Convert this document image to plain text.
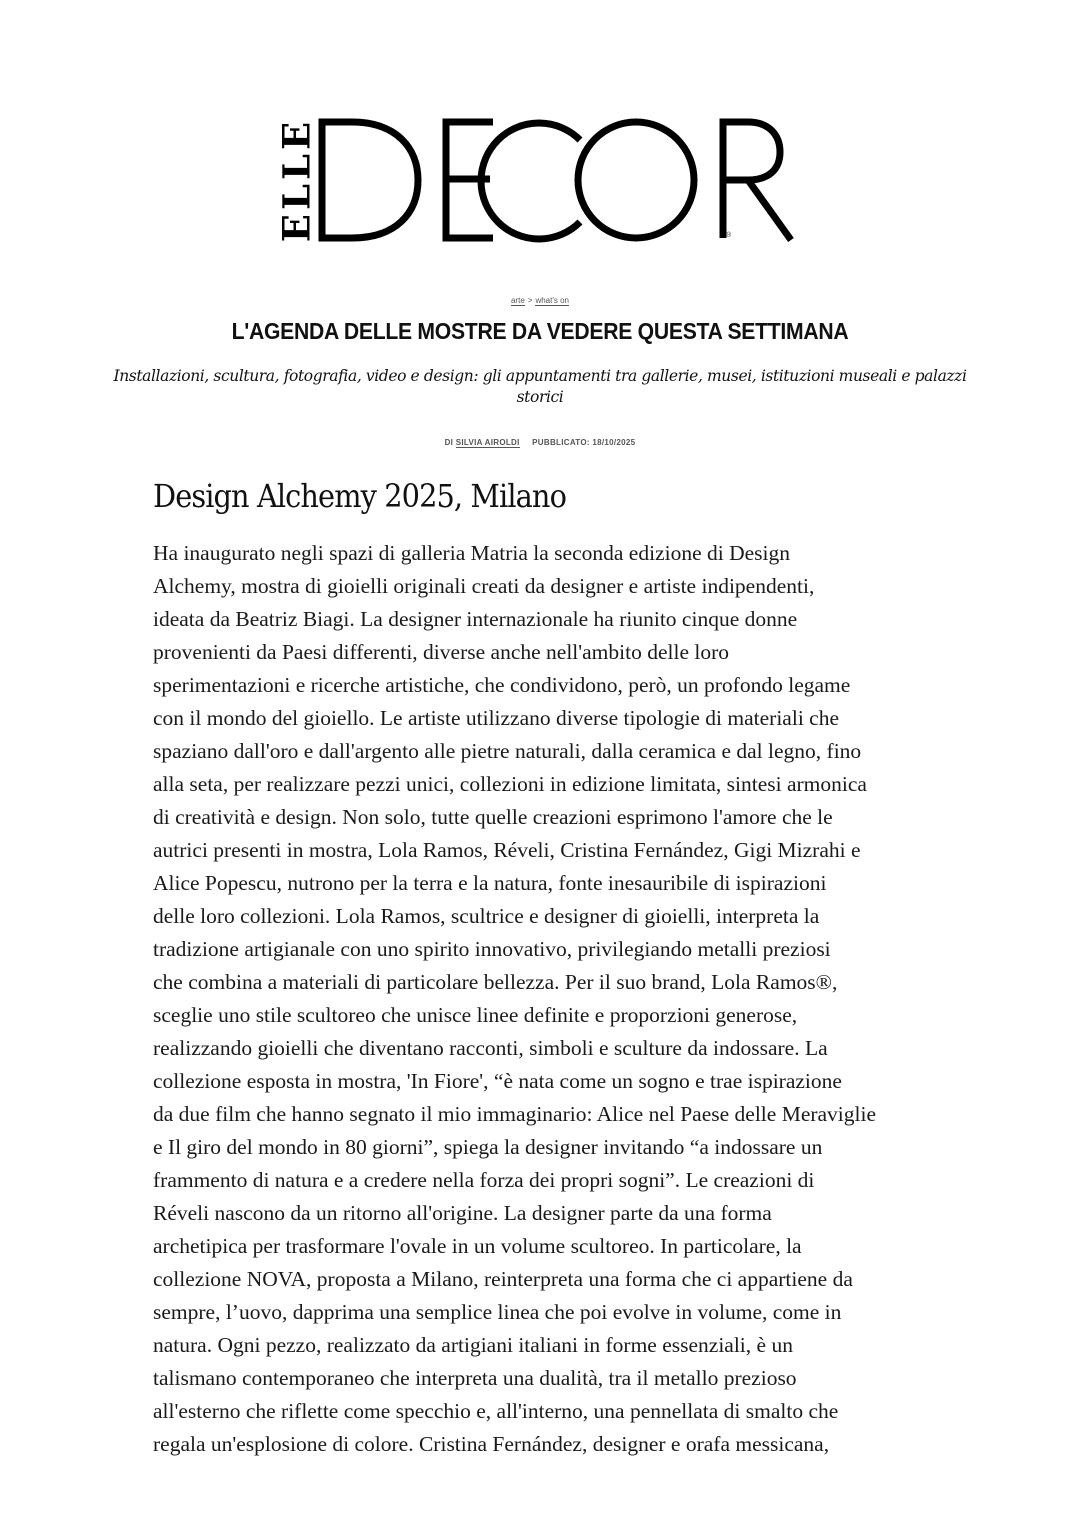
ELLE	®
arte > what's on
L'AGENDA DELLE MOSTRE DA VEDERE QUESTA SETTIMANA

Installazioni, scultura, fotografia, video e design: gli appuntamenti tra gallerie, musei, istituzioni museali e palazzi storici

DI SILVIA AIROLDI PUBBLICATO: 18/10/2025
Design Alchemy 2025, Milano

Ha inaugurato negli spazi di galleria Matria la seconda edizione di Design
Alchemy, mostra di gioielli originali creati da designer e artiste indipendenti,
ideata da Beatriz Biagi. La designer internazionale ha riunito cinque donne
provenienti da Paesi differenti, diverse anche nell'ambito delle loro
sperimentazioni e ricerche artistiche, che condividono, però, un profondo legame
con il mondo del gioiello. Le artiste utilizzano diverse tipologie di materiali che
spaziano dall'oro e dall'argento alle pietre naturali, dalla ceramica e dal legno, fino
alla seta, per realizzare pezzi unici, collezioni in edizione limitata, sintesi armonica
di creatività e design. Non solo, tutte quelle creazioni esprimono l'amore che le
autrici presenti in mostra, Lola Ramos, Réveli, Cristina Fernández, Gigi Mizrahi e
Alice Popescu, nutrono per la terra e la natura, fonte inesauribile di ispirazioni
delle loro collezioni. Lola Ramos, scultrice e designer di gioielli, interpreta la
tradizione artigianale con uno spirito innovativo, privilegiando metalli preziosi
che combina a materiali di particolare bellezza. Per il suo brand, Lola Ramos®,
sceglie uno stile scultoreo che unisce linee definite e proporzioni generose,
realizzando gioielli che diventano racconti, simboli e sculture da indossare. La
collezione esposta in mostra, 'In Fiore', “è nata come un sogno e trae ispirazione
da due film che hanno segnato il mio immaginario: Alice nel Paese delle Meraviglie
e Il giro del mondo in 80 giorni”, spiega la designer invitando “a indossare un
frammento di natura e a credere nella forza dei propri sogni”. Le creazioni di
Réveli nascono da un ritorno all'origine. La designer parte da una forma
archetipica per trasformare l'ovale in un volume scultoreo. In particolare, la
collezione NOVA, proposta a Milano, reinterpreta una forma che ci appartiene da
sempre, l’uovo, dapprima una semplice linea che poi evolve in volume, come in
natura. Ogni pezzo, realizzato da artigiani italiani in forme essenziali, è un
talismano contemporaneo che interpreta una dualità, tra il metallo prezioso
all'esterno che riflette come specchio e, all'interno, una pennellata di smalto che
regala un'esplosione di colore. Cristina Fernández, designer e orafa messicana,
